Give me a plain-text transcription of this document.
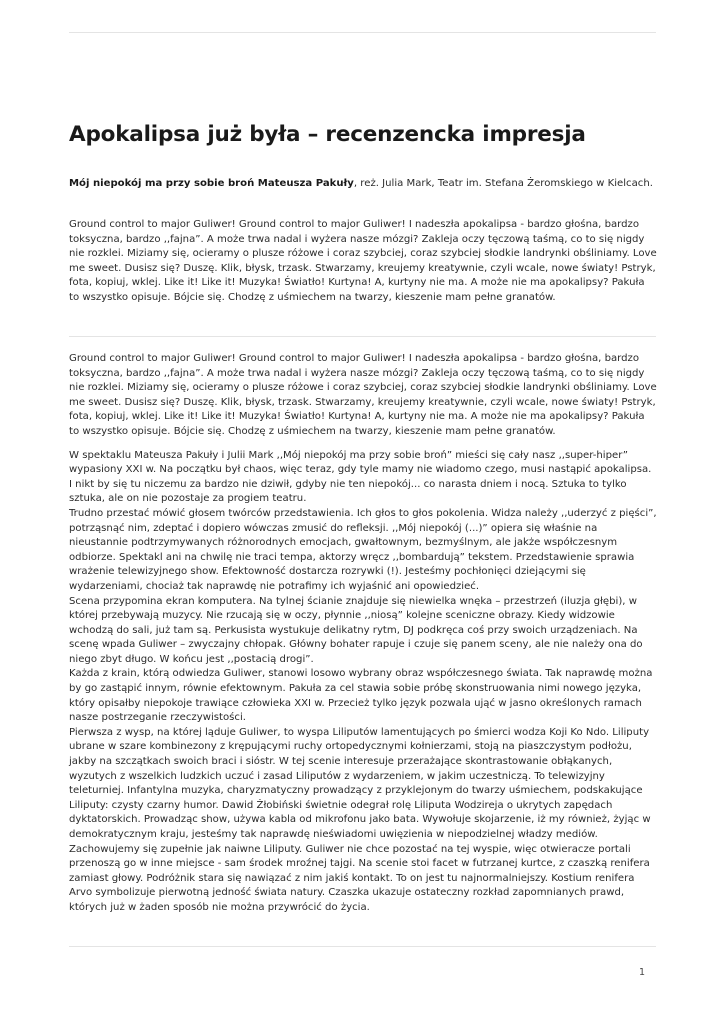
Apokalipsa już była – recenzencka impresja

Mój niepokój ma przy sobie broń Mateusza Pakuły, reż. Julia Mark, Teatr im. Stefana Żeromskiego w Kielcach.

Ground control to major Guliwer! Ground control to major Guliwer! I nadeszła apokalipsa - bardzo głośna, bardzo toksyczna, bardzo ,,fajna”. A może trwa nadal i wyżera nasze mózgi? Zakleja oczy tęczową taśmą, co to się nigdy nie rozklei. Miziamy się, ocieramy o plusze różowe i coraz szybciej, coraz szybciej słodkie landrynki obśliniamy. Love me sweet. Dusisz się? Duszę. Klik, błysk, trzask. Stwarzamy, kreujemy kreatywnie, czyli wcale, nowe światy! Pstryk, fota, kopiuj, wklej. Like it! Like it! Muzyka! Światło! Kurtyna! A, kurtyny nie ma. A może nie ma apokalipsy? Pakuła to wszystko opisuje. Bójcie się. Chodzę z uśmiechem na twarzy, kieszenie mam pełne granatów.

Ground control to major Guliwer! Ground control to major Guliwer! I nadeszła apokalipsa - bardzo głośna, bardzo toksyczna, bardzo ,,fajna”. A może trwa nadal i wyżera nasze mózgi? Zakleja oczy tęczową taśmą, co to się nigdy nie rozklei. Miziamy się, ocieramy o plusze różowe i coraz szybciej, coraz szybciej słodkie landrynki obśliniamy. Love me sweet. Dusisz się? Duszę. Klik, błysk, trzask. Stwarzamy, kreujemy kreatywnie, czyli wcale, nowe światy! Pstryk, fota, kopiuj, wklej. Like it! Like it! Muzyka! Światło! Kurtyna! A, kurtyny nie ma. A może nie ma apokalipsy? Pakuła to wszystko opisuje. Bójcie się. Chodzę z uśmiechem na twarzy, kieszenie mam pełne granatów.

W spektaklu Mateusza Pakuły i Julii Mark ,,Mój niepokój ma przy sobie broń” mieści się cały nasz ,,super-hiper” wypasiony XXI w. Na początku był chaos, więc teraz, gdy tyle mamy nie wiadomo czego, musi nastąpić apokalipsa. I nikt by się tu niczemu za bardzo nie dziwił, gdyby nie ten niepokój... co narasta dniem i nocą. Sztuka to tylko sztuka, ale on nie pozostaje za progiem teatru.

Trudno przestać mówić głosem twórców przedstawienia. Ich głos to głos pokolenia. Widza należy ,,uderzyć z pięści”, potrząsnąć nim, zdeptać i dopiero wówczas zmusić do refleksji. ,,Mój niepokój (...)” opiera się właśnie na nieustannie podtrzymywanych różnorodnych emocjach, gwałtownym, bezmyślnym, ale jakże współczesnym odbiorze. Spektakl ani na chwilę nie traci tempa, aktorzy wręcz ,,bombardują” tekstem. Przedstawienie sprawia wrażenie telewizyjnego show. Efektowność dostarcza rozrywki (!). Jesteśmy pochłonięci dziejącymi się wydarzeniami, chociaż tak naprawdę nie potrafimy ich wyjaśnić ani opowiedzieć.

Scena przypomina ekran komputera. Na tylnej ścianie znajduje się niewielka wnęka – przestrzeń (iluzja głębi), w której przebywają muzycy. Nie rzucają się w oczy, płynnie ,,niosą” kolejne sceniczne obrazy. Kiedy widzowie wchodzą do sali, już tam są. Perkusista wystukuje delikatny rytm, DJ podkręca coś przy swoich urządzeniach. Na scenę wpada Guliwer – zwyczajny chłopak. Główny bohater rapuje i czuje się panem sceny, ale nie należy ona do niego zbyt długo. W końcu jest ,,postacią drogi”.

Każda z krain, którą odwiedza Guliwer, stanowi losowo wybrany obraz współczesnego świata. Tak naprawdę można by go zastąpić innym, równie efektownym. Pakuła za cel stawia sobie próbę skonstruowania nimi nowego języka, który opisałby niepokoje trawiące człowieka XXI w. Przecież tylko język pozwala ująć w jasno określonych ramach nasze postrzeganie rzeczywistości.

Pierwsza z wysp, na której ląduje Guliwer, to wyspa Liliputów lamentujących po śmierci wodza Koji Ko Ndo. Liliputy ubrane w szare kombinezony z krępującymi ruchy ortopedycznymi kołnierzami, stoją na piaszczystym podłożu, jakby na szczątkach swoich braci i sióstr. W tej scenie interesuje przerażające skontrastowanie obłąkanych, wyzutych z wszelkich ludzkich uczuć i zasad Liliputów z wydarzeniem, w jakim uczestniczą. To telewizyjny teleturniej. Infantylna muzyka, charyzmatyczny prowadzący z przyklejonym do twarzy uśmiechem, podskakujące Liliputy: czysty czarny humor. Dawid Żłobiński świetnie odegrał rolę Liliputa Wodzireja o ukrytych zapędach dyktatorskich. Prowadząc show, używa kabla od mikrofonu jako bata. Wywołuje skojarzenie, iż my również, żyjąc w demokratycznym kraju, jesteśmy tak naprawdę nieświadomi uwięzienia w niepodzielnej władzy mediów. Zachowujemy się zupełnie jak naiwne Liliputy. Guliwer nie chce pozostać na tej wyspie, więc otwieracze portali przenoszą go w inne miejsce - sam środek mroźnej tajgi. Na scenie stoi facet w futrzanej kurtce, z czaszką renifera zamiast głowy. Podróżnik stara się nawiązać z nim jakiś kontakt. To on jest tu najnormalniejszy. Kostium renifera Arvo symbolizuje pierwotną jedność świata natury. Czaszka ukazuje ostateczny rozkład zapomnianych prawd, których już w żaden sposób nie można przywrócić do życia.

1
